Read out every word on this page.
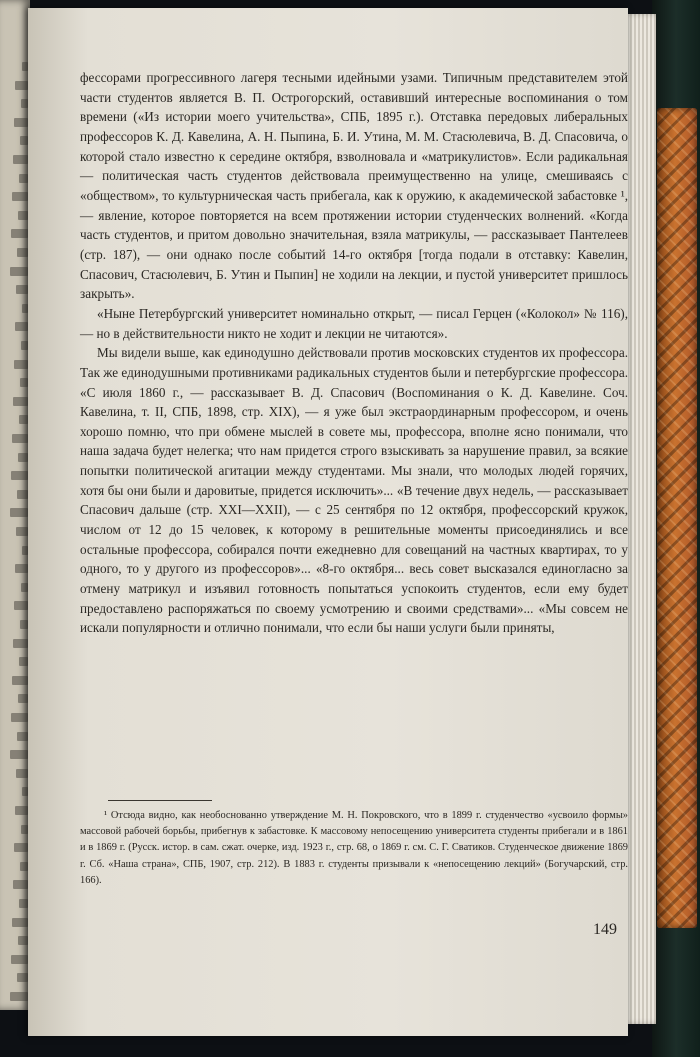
фессорами прогрессивного лагеря тесными идейными узами. Типичным представителем этой части студентов является В. П. Острогорский, оставивший интересные воспоминания о том времени («Из истории моего учительства», СПБ, 1895 г.). Отставка передовых либеральных профессоров К. Д. Кавелина, А. Н. Пыпина, Б. И. Утина, М. М. Стасюлевича, В. Д. Спасовича, о которой стало известно к середине октября, взволновала и «матрикулистов». Если радикальная — политическая часть студентов действовала преимущественно на улице, смешиваясь с «обществом», то культурническая часть прибегала, как к оружию, к академической забастовке ¹, — явление, которое повторяется на всем протяжении истории студенческих волнений. «Когда часть студентов, и притом довольно значительная, взяла матрикулы, — рассказывает Пантелеев (стр. 187), — они однако после событий 14-го октября [тогда подали в отставку: Кавелин, Спасович, Стасюлевич, Б. Утин и Пыпин] не ходили на лекции, и пустой университет пришлось закрыть».
«Ныне Петербургский университет номинально открыт, — писал Герцен («Колокол» № 116), — но в действительности никто не ходит и лекции не читаются».
Мы видели выше, как единодушно действовали против московских студентов их профессора. Так же единодушными противниками радикальных студентов были и петербургские профессора. «С июля 1860 г., — рассказывает В. Д. Спасович (Воспоминания о К. Д. Кавелине. Соч. Кавелина, т. II, СПБ, 1898, стр. XIX), — я уже был экстраординарным профессором, и очень хорошо помню, что при обмене мыслей в совете мы, профессора, вполне ясно понимали, что наша задача будет нелегка; что нам придется строго взыскивать за нарушение правил, за всякие попытки политической агитации между студентами. Мы знали, что молодых людей горячих, хотя бы они были и даровитые, придется исключить»... «В течение двух недель, — рассказывает Спасович дальше (стр. XXI—XXII), — с 25 сентября по 12 октября, профессорский кружок, числом от 12 до 15 человек, к которому в решительные моменты присоединялись и все остальные профессора, собирался почти ежедневно для совещаний на частных квартирах, то у одного, то у другого из профессоров»... «8-го октября... весь совет высказался единогласно за отмену матрикул и изъявил готовность попытаться успокоить студентов, если ему будет предоставлено распоряжаться по своему усмотрению и своими средствами»... «Мы совсем не искали популярности и отлично понимали, что если бы наши услуги были приняты,
¹ Отсюда видно, как необоснованно утверждение М. Н. Покровского, что в 1899 г. студенчество «усвоило формы» массовой рабочей борьбы, прибегнув к забастовке. К массовому непосещению университета студенты прибегали и в 1861 и в 1869 г. (Русск. истор. в сам. сжат. очерке, изд. 1923 г., стр. 68, о 1869 г. см. С. Г. Сватиков. Студенческое движение 1869 г. Сб. «Наша страна», СПБ, 1907, стр. 212). В 1883 г. студенты призывали к «непосещению лекций» (Богучарский, стр. 166).
149
